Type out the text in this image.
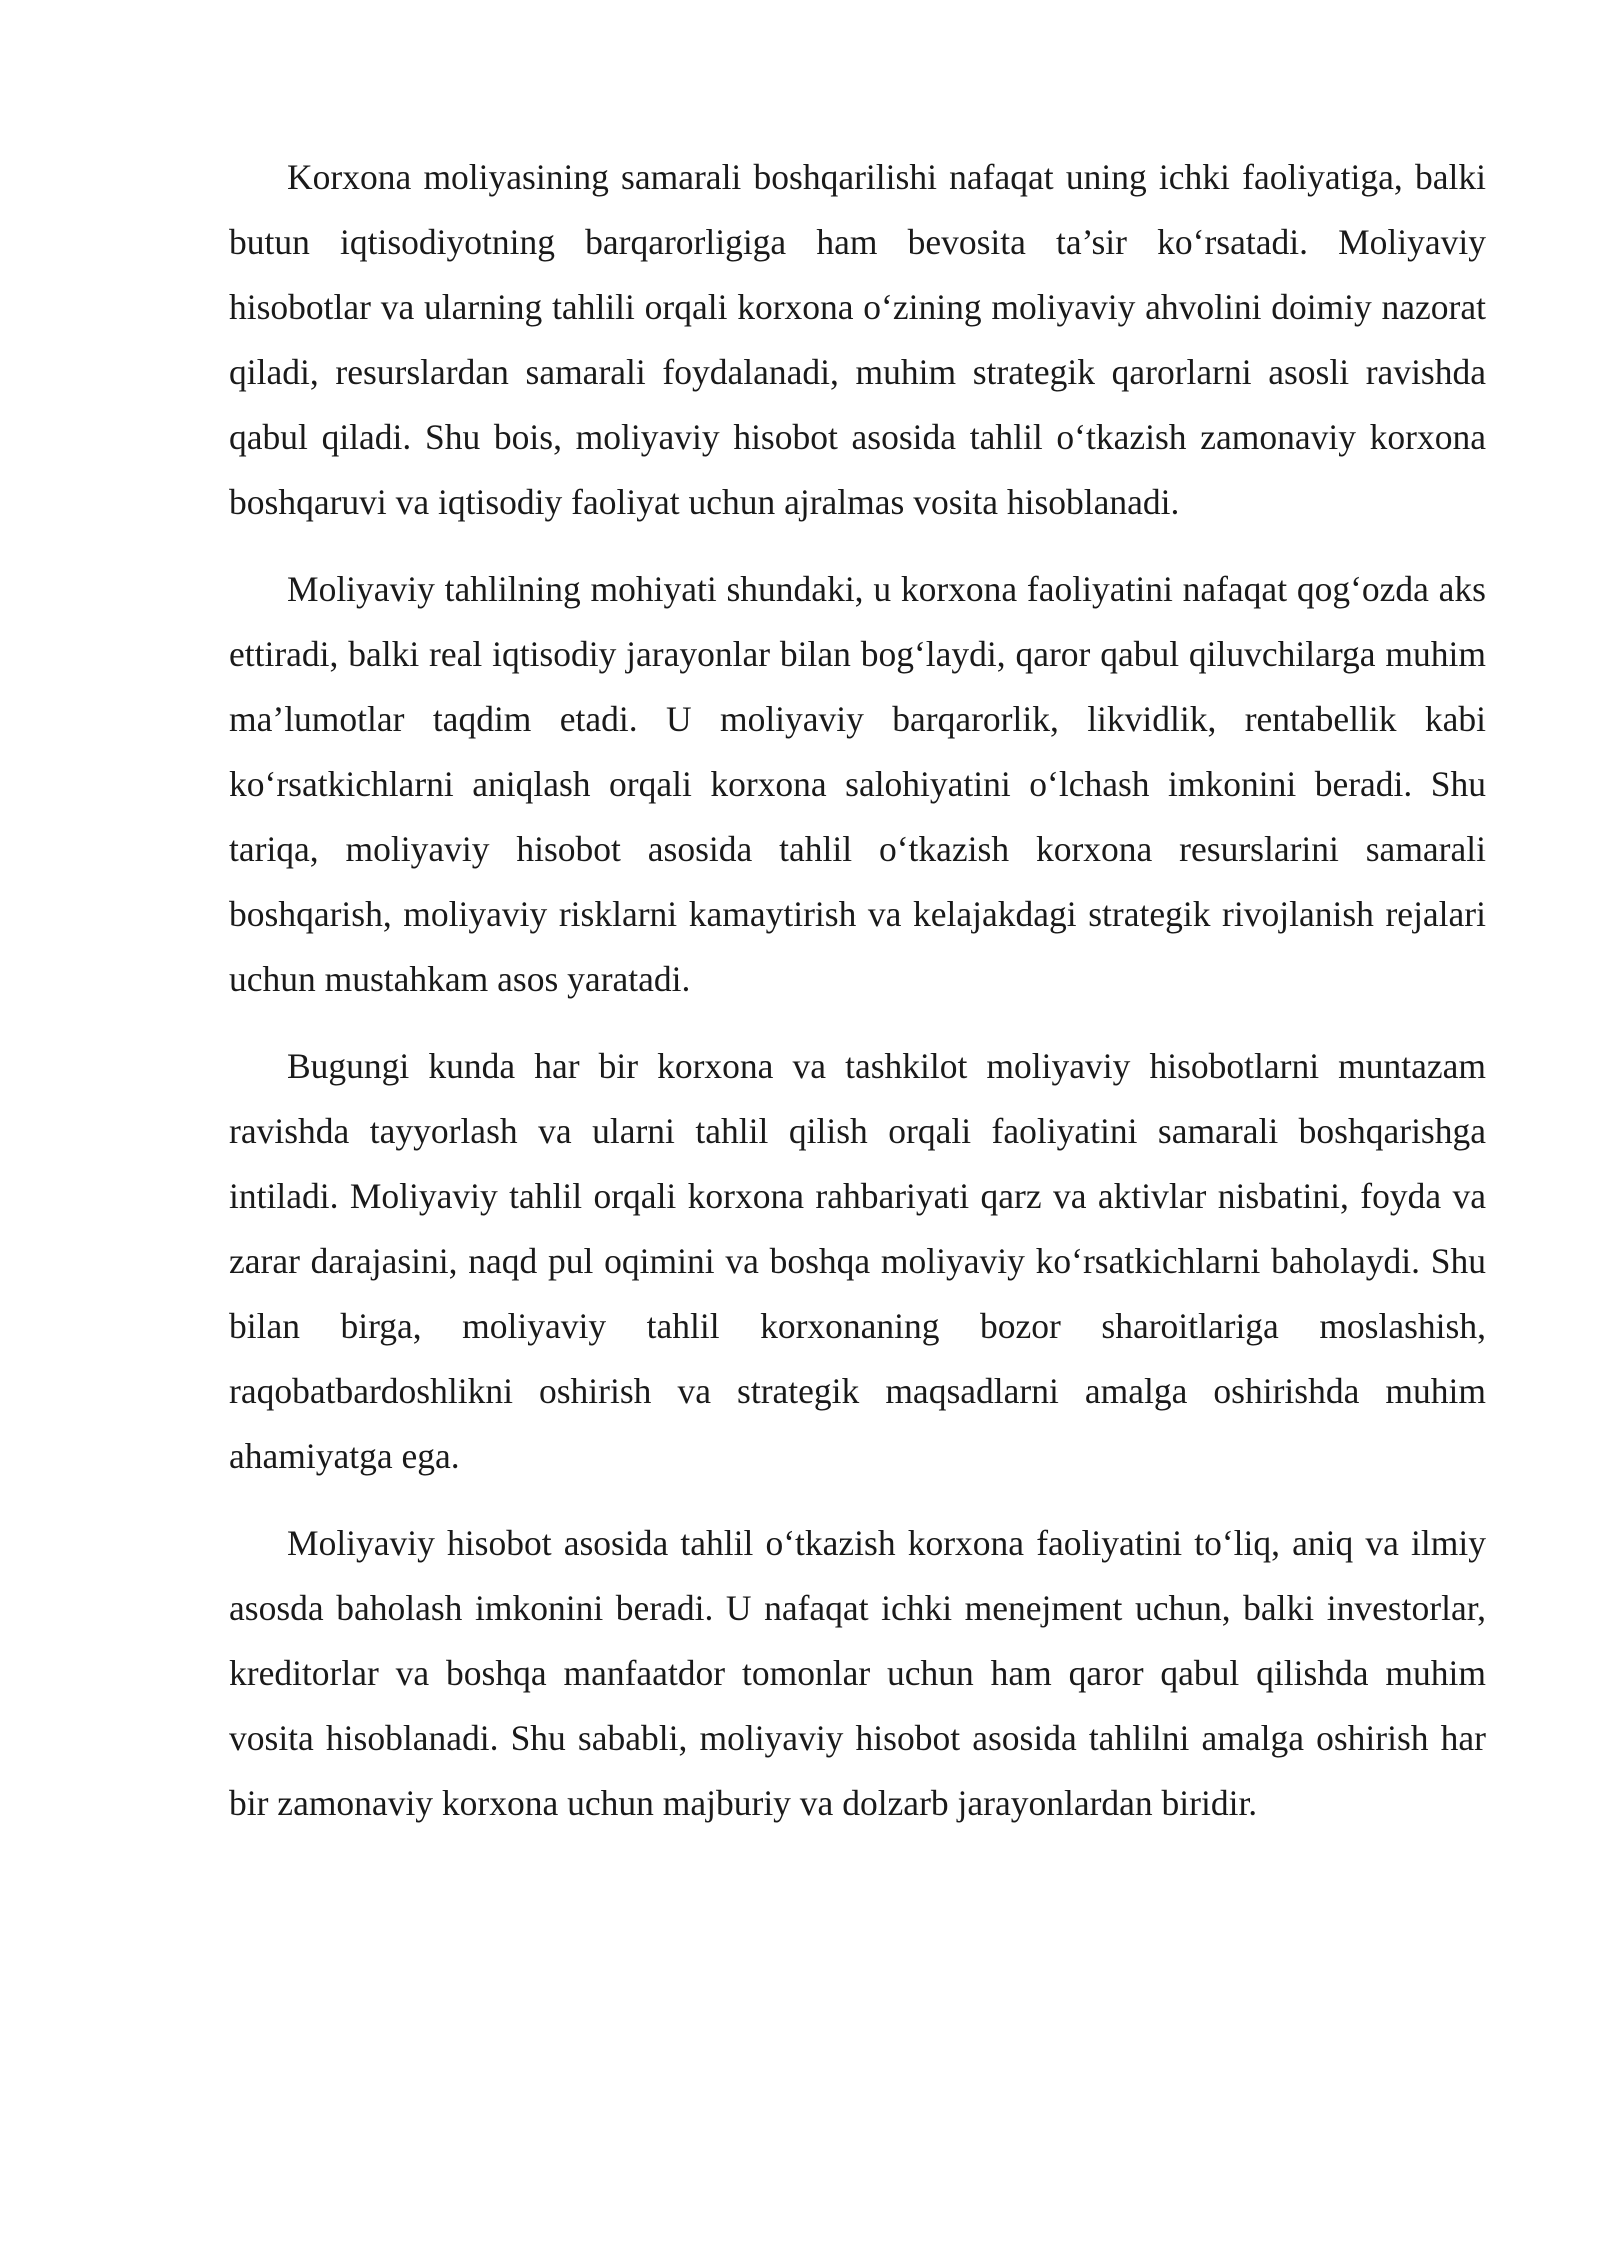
Korxona moliyasining samarali boshqarilishi nafaqat uning ichki faoliyatiga, balki butun iqtisodiyotning barqarorligiga ham bevosita ta’sir ko‘rsatadi. Moliyaviy hisobotlar va ularning tahlili orqali korxona o‘zining moliyaviy ahvolini doimiy nazorat qiladi, resurslardan samarali foydalanadi, muhim strategik qarorlarni asosli ravishda qabul qiladi. Shu bois, moliyaviy hisobot asosida tahlil o‘tkazish zamonaviy korxona boshqaruvi va iqtisodiy faoliyat uchun ajralmas vosita hisoblanadi.

Moliyaviy tahlilning mohiyati shundaki, u korxona faoliyatini nafaqat qog‘ozda aks ettiradi, balki real iqtisodiy jarayonlar bilan bog‘laydi, qaror qabul qiluvchilarga muhim ma’lumotlar taqdim etadi. U moliyaviy barqarorlik, likvidlik, rentabellik kabi ko‘rsatkichlarni aniqlash orqali korxona salohiyatini o‘lchash imkonini beradi. Shu tariqa, moliyaviy hisobot asosida tahlil o‘tkazish korxona resurslarini samarali boshqarish, moliyaviy risklarni kamaytirish va kelajakdagi strategik rivojlanish rejalari uchun mustahkam asos yaratadi.

Bugungi kunda har bir korxona va tashkilot moliyaviy hisobotlarni muntazam ravishda tayyorlash va ularni tahlil qilish orqali faoliyatini samarali boshqarishga intiladi. Moliyaviy tahlil orqali korxona rahbariyati qarz va aktivlar nisbatini, foyda va zarar darajasini, naqd pul oqimini va boshqa moliyaviy ko‘rsatkichlarni baholaydi. Shu bilan birga, moliyaviy tahlil korxonaning bozor sharoitlariga moslashish, raqobatbardoshlikni oshirish va strategik maqsadlarni amalga oshirishda muhim ahamiyatga ega.

Moliyaviy hisobot asosida tahlil o‘tkazish korxona faoliyatini to‘liq, aniq va ilmiy asosda baholash imkonini beradi. U nafaqat ichki menejment uchun, balki investorlar, kreditorlar va boshqa manfaatdor tomonlar uchun ham qaror qabul qilishda muhim vosita hisoblanadi. Shu sababli, moliyaviy hisobot asosida tahlilni amalga oshirish har bir zamonaviy korxona uchun majburiy va dolzarb jarayonlardan biridir.
